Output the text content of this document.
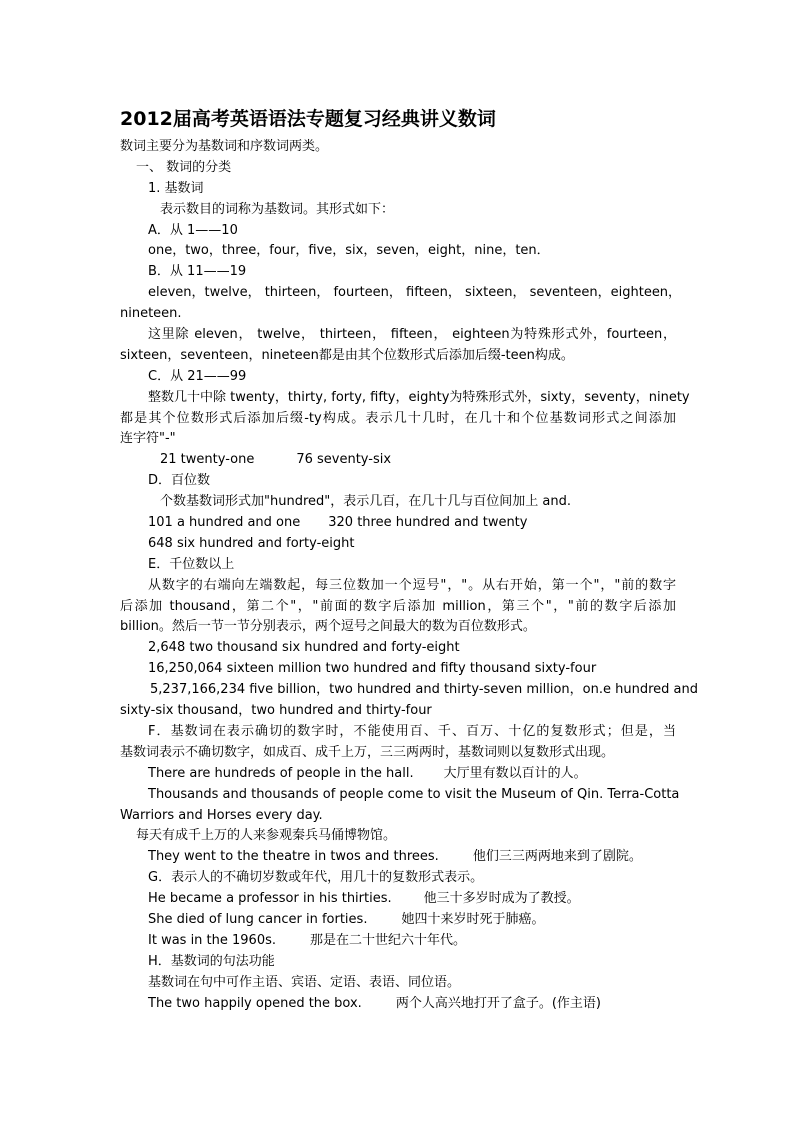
2012届高考英语语法专题复习经典讲义数词
数词主要分为基数词和序数词两类。
一、 数词的分类
1. 基数词
表示数目的词称为基数词。其形式如下：
A．从 1——10
one，two，three，four，five，six，seven，eight，nine，ten．
B．从 11——19
eleven，twelve， thirteen， fourteen， fifteen， sixteen， seventeen，eighteen，
nineteen.
这里除 eleven， twelve， thirteen， fifteen， eighteen为特殊形式外，fourteen，
sixteen，seventeen，nineteen都是由其个位数形式后添加后缀-teen构成。
C．从 21——99
整数几十中除 twenty，thirty, forty, fifty，eighty为特殊形式外，sixty，seventy，ninety
都是其个位数形式后添加后缀-ty构成。表示几十几时，在几十和个位基数词形式之间添加
连字符"-"
21 twenty-one	76 seventy-six
D．百位数
个数基数词形式加"hundred"，表示几百，在几十几与百位间加上 and.
101 a hundred and one 320 three hundred and twenty
648 six hundred and forty-eight
E．千位数以上
从数字的右端向左端数起，每三位数加一个逗号"，"。从右开始，第一个"，"前的数字
后添加 thousand，第二个"，"前面的数字后添加 million，第三个"，"前的数字后添加
billion。然后一节一节分别表示，两个逗号之间最大的数为百位数形式。
2,648 two thousand six hundred and forty-eight
16,250,064 sixteen million two hundred and fifty thousand sixty-four
5,237,166,234 five billion，two hundred and thirty-seven million，on.e hundred and
sixty-six thousand，two hundred and thirty-four
F．基数词在表示确切的数字时，不能使用百、千、百万、十亿的复数形式；但是，当
基数词表示不确切数字，如成百、成千上万，三三两两时，基数词则以复数形式出现。
There are hundreds of people in the hall. 大厅里有数以百计的人。
Thousands and thousands of people come to visit the Museum of Qin. Terra-Cotta
Warriors and Horses every day.
每天有成千上万的人来参观秦兵马俑博物馆。
They went to the theatre in twos and threes.	他们三三两两地来到了剧院。
G．表示人的不确切岁数或年代，用几十的复数形式表示。
He became a professor in his thirties. 他三十多岁时成为了教授。
She died of lung cancer in forties.	她四十来岁时死于肺癌。
It was in the 1960s.	那是在二十世纪六十年代。
H．基数词的句法功能
基数词在句中可作主语、宾语、定语、表语、同位语。
The two happily opened the box.	两个人高兴地打开了盒子。(作主语)
